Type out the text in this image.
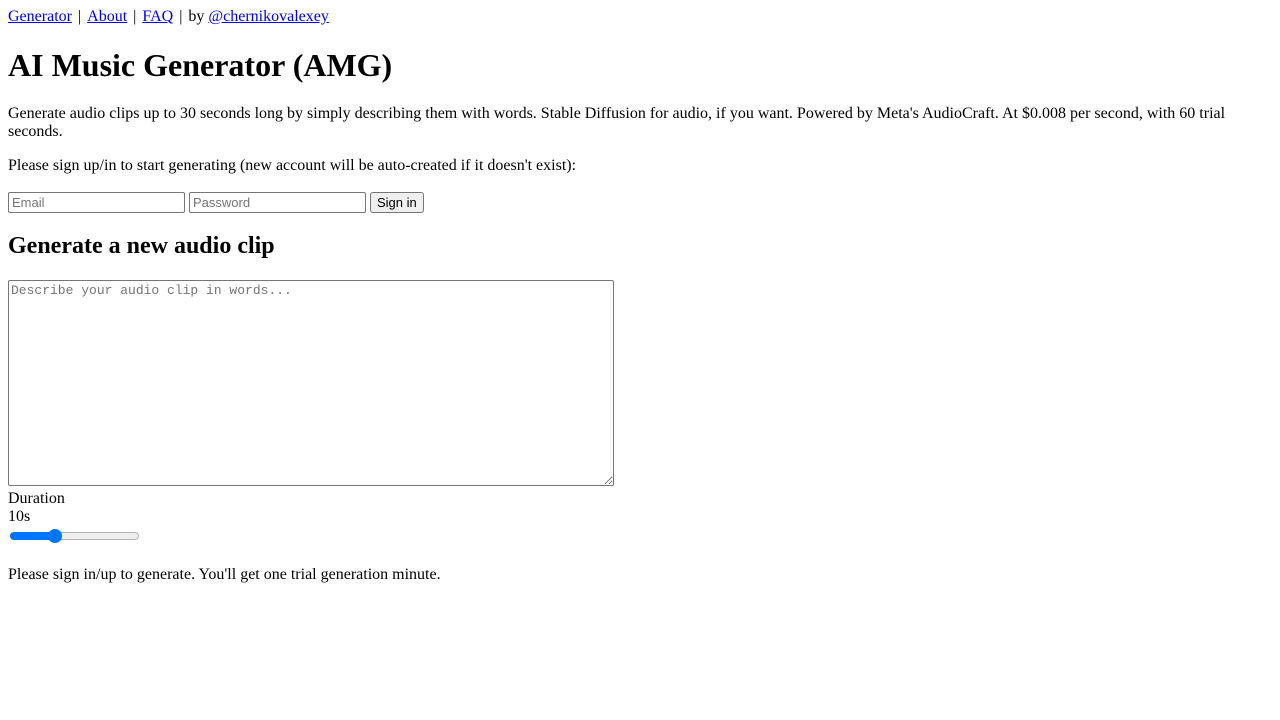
Generator | About | FAQ | by @chernikovalexey
AI Music Generator (AMG)

Generate audio clips up to 30 seconds long by simply describing them with words. Stable Diffusion for audio, if you want. Powered by Meta's AudioCraft. At $0.008 per second, with 60 trial seconds.

Please sign up/in to start generating (new account will be auto-created if it doesn't exist):

EmailSign in
Generate a new audio clip
Describe your audio clip in words...
Duration
10s

Please sign in/up to generate. You'll get one trial generation minute.
